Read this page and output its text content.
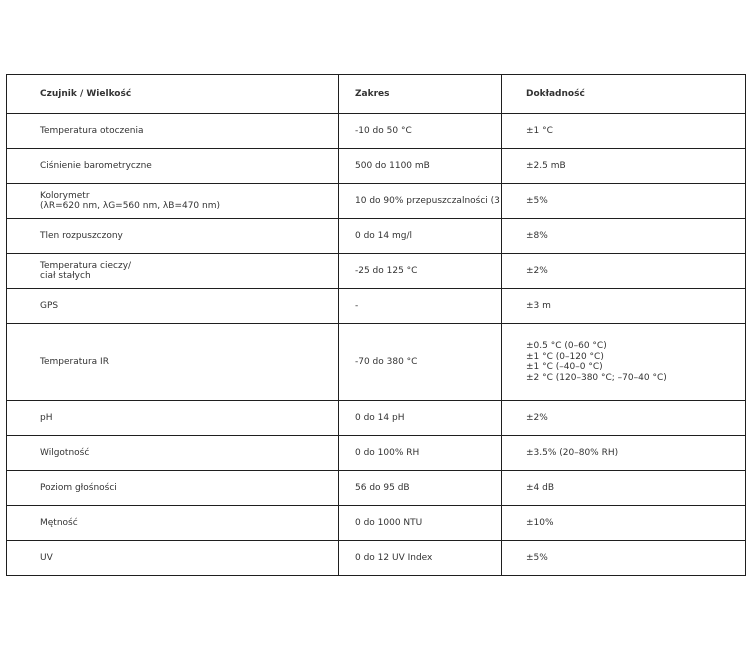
Czujnik / Wielkość	Zakres	Dokładność
Temperatura otoczenia	-10 do 50 °C	±1 °C
Ciśnienie barometryczne	500 do 1100 mB	±2.5 mB
Kolorymetr
(λR=620 nm, λG=560 nm, λB=470 nm)	10 do 90% przepuszczalności (3	±5%
Tlen rozpuszczony	0 do 14 mg/l	±8%
Temperatura cieczy/
ciał stałych	-25 do 125 °C	±2%
GPS	-	±3 m
Temperatura IR	-70 do 380 °C	±0.5 °C (0–60 °C)
±1 °C (0–120 °C)
±1 °C (–40–0 °C)
±2 °C (120–380 °C; –70–40 °C)
pH	0 do 14 pH	±2%
Wilgotność	0 do 100% RH	±3.5% (20–80% RH)
Poziom głośności	56 do 95 dB	±4 dB
Mętność	0 do 1000 NTU	±10%
UV	0 do 12 UV Index	±5%
